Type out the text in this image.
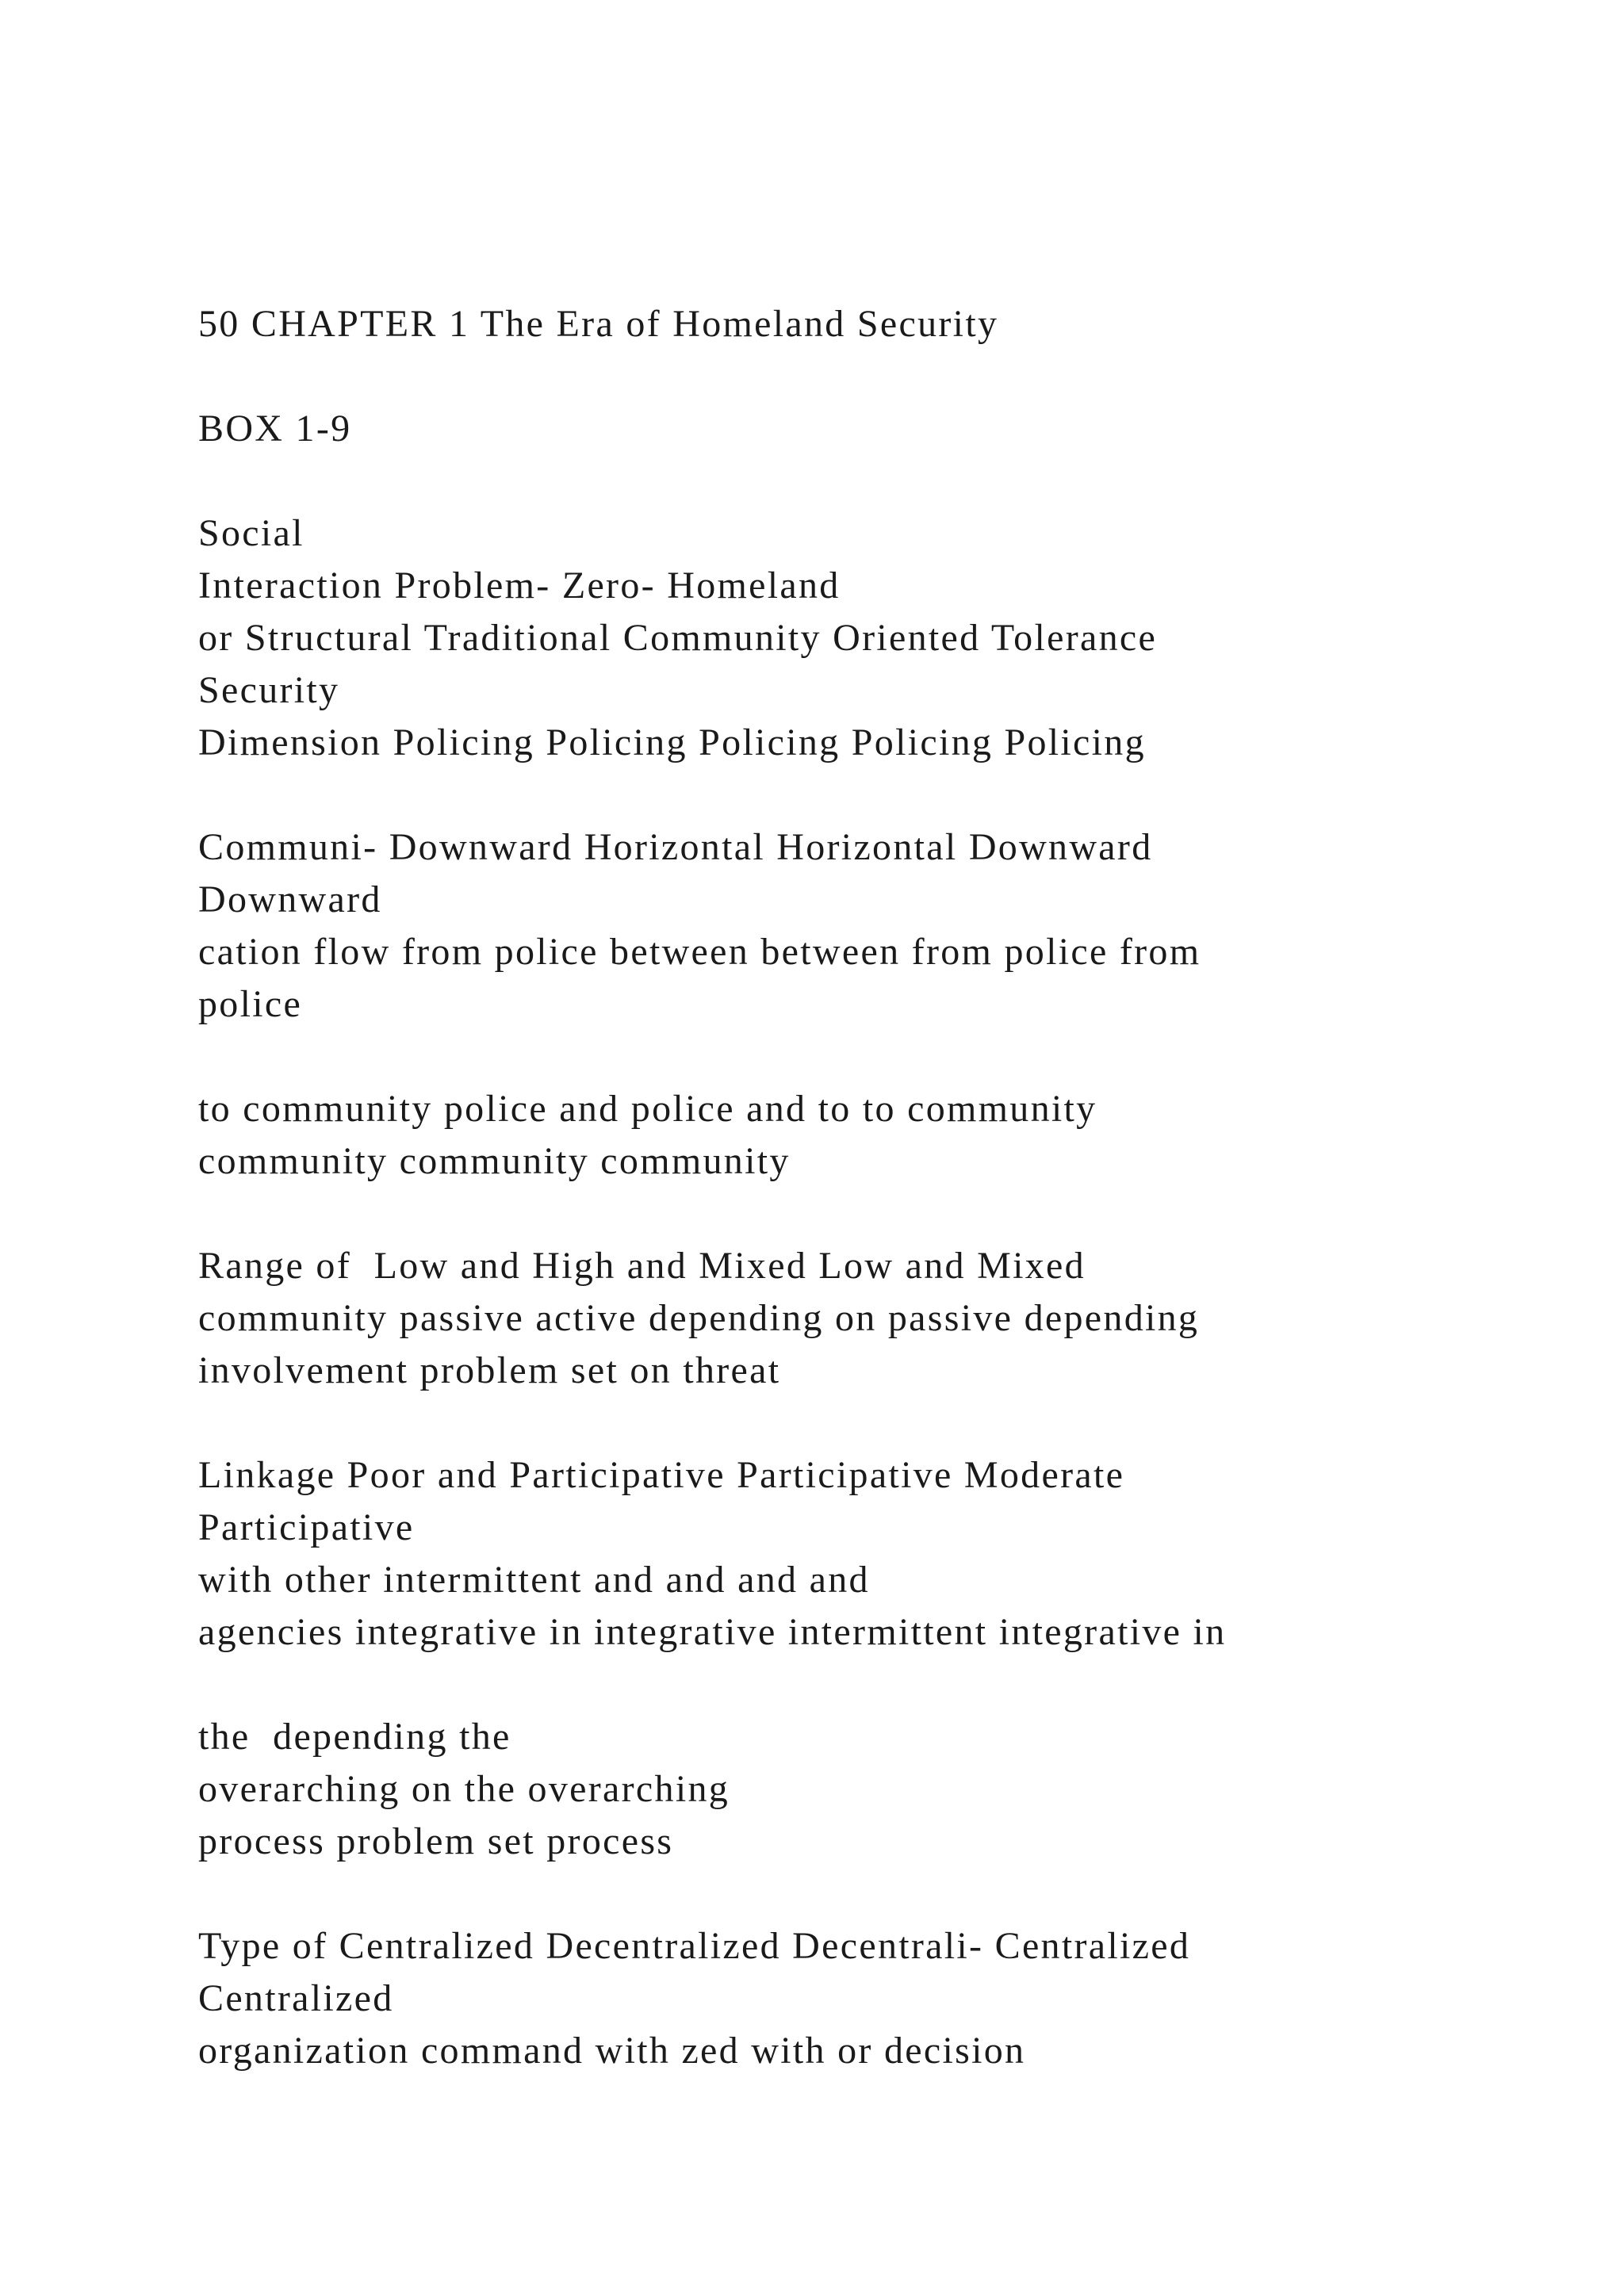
50 CHAPTER 1 The Era of Homeland Security
BOX 1-9
Social
Interaction Problem- Zero- Homeland
or Structural Traditional Community Oriented Tolerance
Security
Dimension Policing Policing Policing Policing Policing
Communi- Downward Horizontal Horizontal Downward
Downward
cation flow from police between between from police from
police
to community police and police and to to community
community community community
Range of  Low and High and Mixed Low and Mixed
community passive active depending on passive depending
involvement problem set on threat
Linkage Poor and Participative Participative Moderate
Participative
with other intermittent and and and and
agencies integrative in integrative intermittent integrative in
the  depending the
overarching on the overarching
process problem set process
Type of Centralized Decentralized Decentrali- Centralized
Centralized
organization command with zed with or decision
